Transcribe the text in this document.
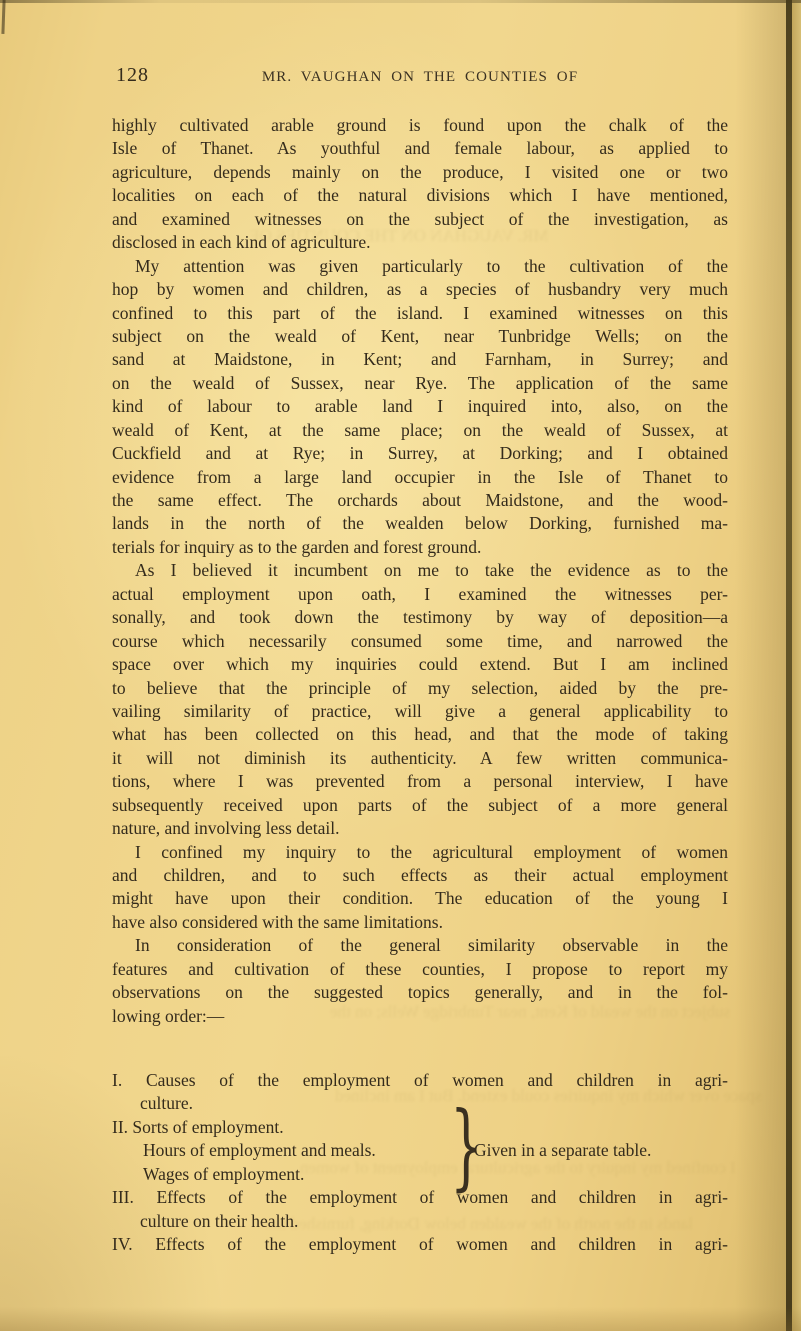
MR. VAUGHAN ON THE COUNTIES OF
subject on the weald of Kent, near Tunbridge Wells; on the
space over which my inquiries could extend. But I am inclined
I confined my inquiry to the agricultural employment of women
lands in the north of the wealden below Dorking, furnished ma-
128	MR. VAUGHAN ON THE COUNTIES OF
highly cultivated arable ground is found upon the chalk of the
Isle of Thanet. As youthful and female labour, as applied to
agriculture, depends mainly on the produce, I visited one or two
localities on each of the natural divisions which I have mentioned,
and examined witnesses on the subject of the investigation, as
disclosed in each kind of agriculture.
My attention was given particularly to the cultivation of the
hop by women and children, as a species of husbandry very much
confined to this part of the island. I examined witnesses on this
subject on the weald of Kent, near Tunbridge Wells; on the
sand at Maidstone, in Kent; and Farnham, in Surrey; and
on the weald of Sussex, near Rye. The application of the same
kind of labour to arable land I inquired into, also, on the
weald of Kent, at the same place; on the weald of Sussex, at
Cuckfield and at Rye; in Surrey, at Dorking; and I obtained
evidence from a large land occupier in the Isle of Thanet to
the same effect. The orchards about Maidstone, and the wood-
lands in the north of the wealden below Dorking, furnished ma-
terials for inquiry as to the garden and forest ground.
As I believed it incumbent on me to take the evidence as to the
actual employment upon oath, I examined the witnesses per-
sonally, and took down the testimony by way of deposition—a
course which necessarily consumed some time, and narrowed the
space over which my inquiries could extend. But I am inclined
to believe that the principle of my selection, aided by the pre-
vailing similarity of practice, will give a general applicability to
what has been collected on this head, and that the mode of taking
it will not diminish its authenticity. A few written communica-
tions, where I was prevented from a personal interview, I have
subsequently received upon parts of the subject of a more general
nature, and involving less detail.
I confined my inquiry to the agricultural employment of women
and children, and to such effects as their actual employment
might have upon their condition. The education of the young I
have also considered with the same limitations.
In consideration of the general similarity observable in the
features and cultivation of these counties, I propose to report my
observations on the suggested topics generally, and in the fol-
lowing order:—
I. Causes of the employment of women and children in agri-
culture.
II. Sorts of employment.
Hours of employment and meals.
Wages of employment.
III. Effects of the employment of women and children in agri-
culture on their health.
IV. Effects of the employment of women and children in agri-
}
Given in a separate table.
